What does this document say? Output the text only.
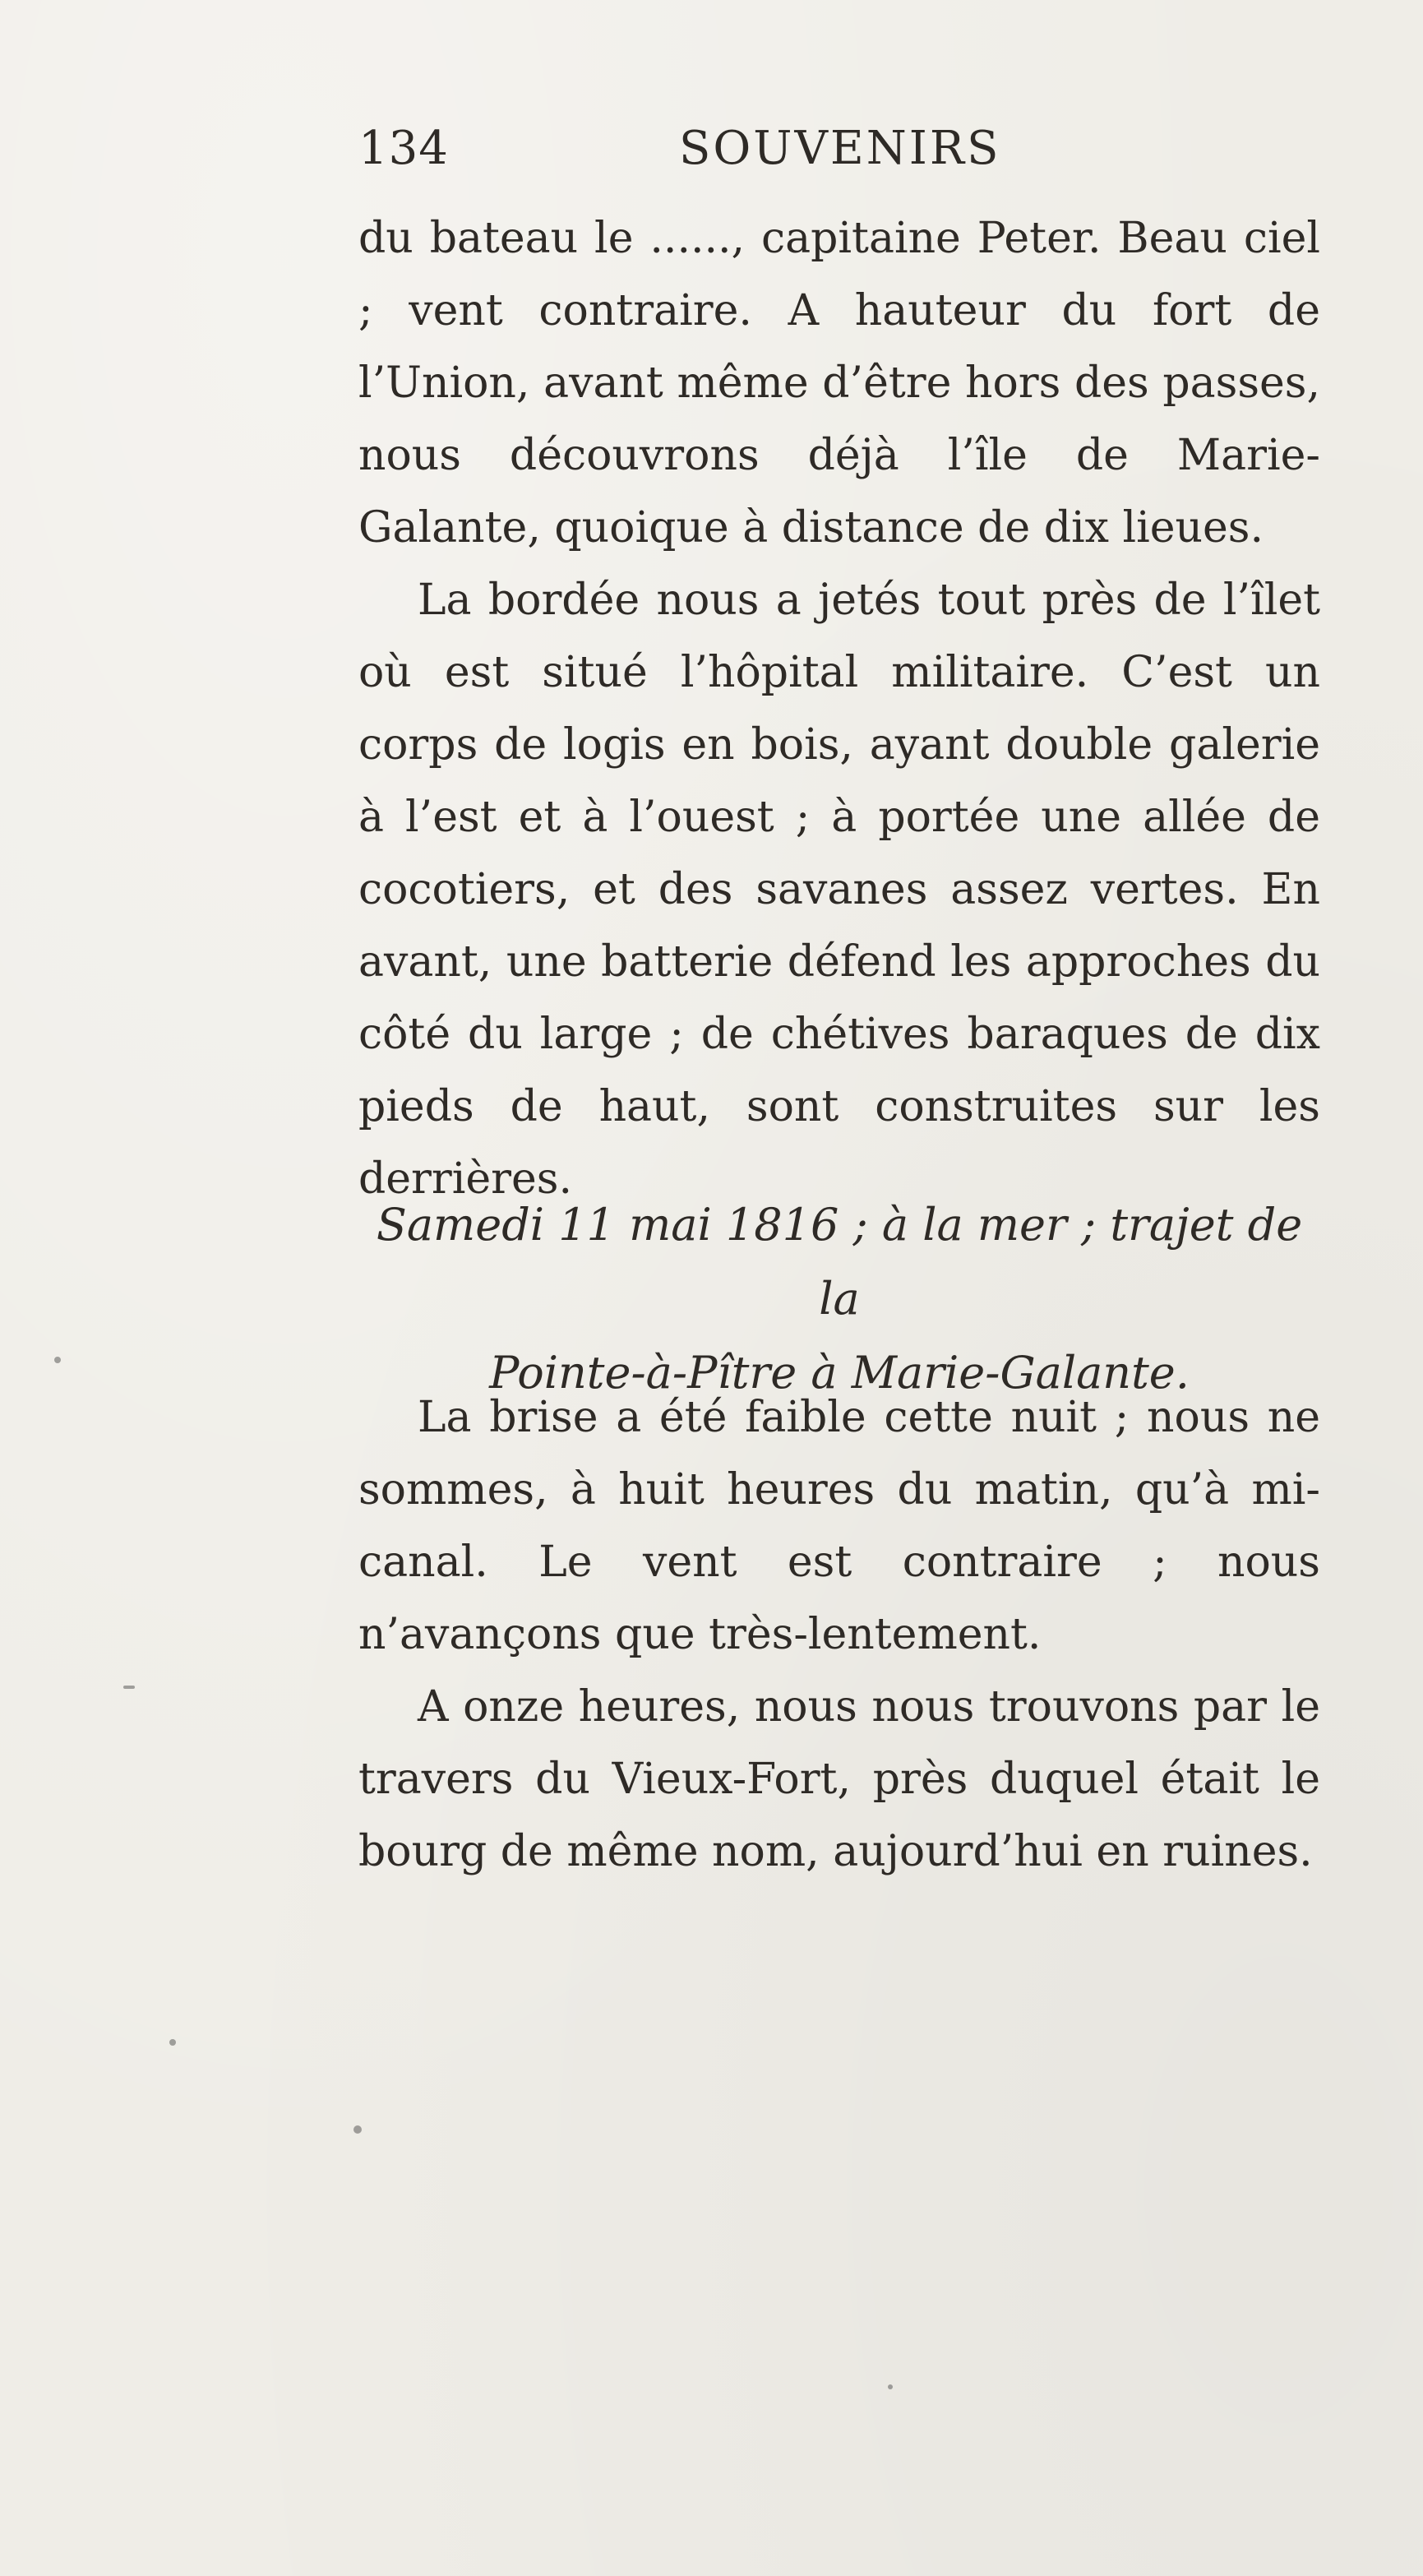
134	SOUVENIRS

du bateau le ......, capitaine Peter. Beau ciel ; vent contraire. A hauteur du fort de l’Union, avant même d’être hors des passes, nous découvrons déjà l’île de Marie-Galante, quoique à distance de dix lieues.

La bordée nous a jetés tout près de l’îlet où est situé l’hôpital militaire. C’est un corps de logis en bois, ayant double galerie à l’est et à l’ouest ; à portée une allée de cocotiers, et des savanes assez vertes. En avant, une batterie défend les approches du côté du large ; de chétives baraques de dix pieds de haut, sont construites sur les derrières.

Samedi 11 mai 1816 ; à la mer ; trajet de la
Pointe-à-Pître à Marie-Galante.

La brise a été faible cette nuit ; nous ne sommes, à huit heures du matin, qu’à mi-canal. Le vent est contraire ; nous n’avançons que très-lentement.

A onze heures, nous nous trouvons par le travers du Vieux-Fort, près duquel était le bourg de même nom, aujourd’hui en ruines.
